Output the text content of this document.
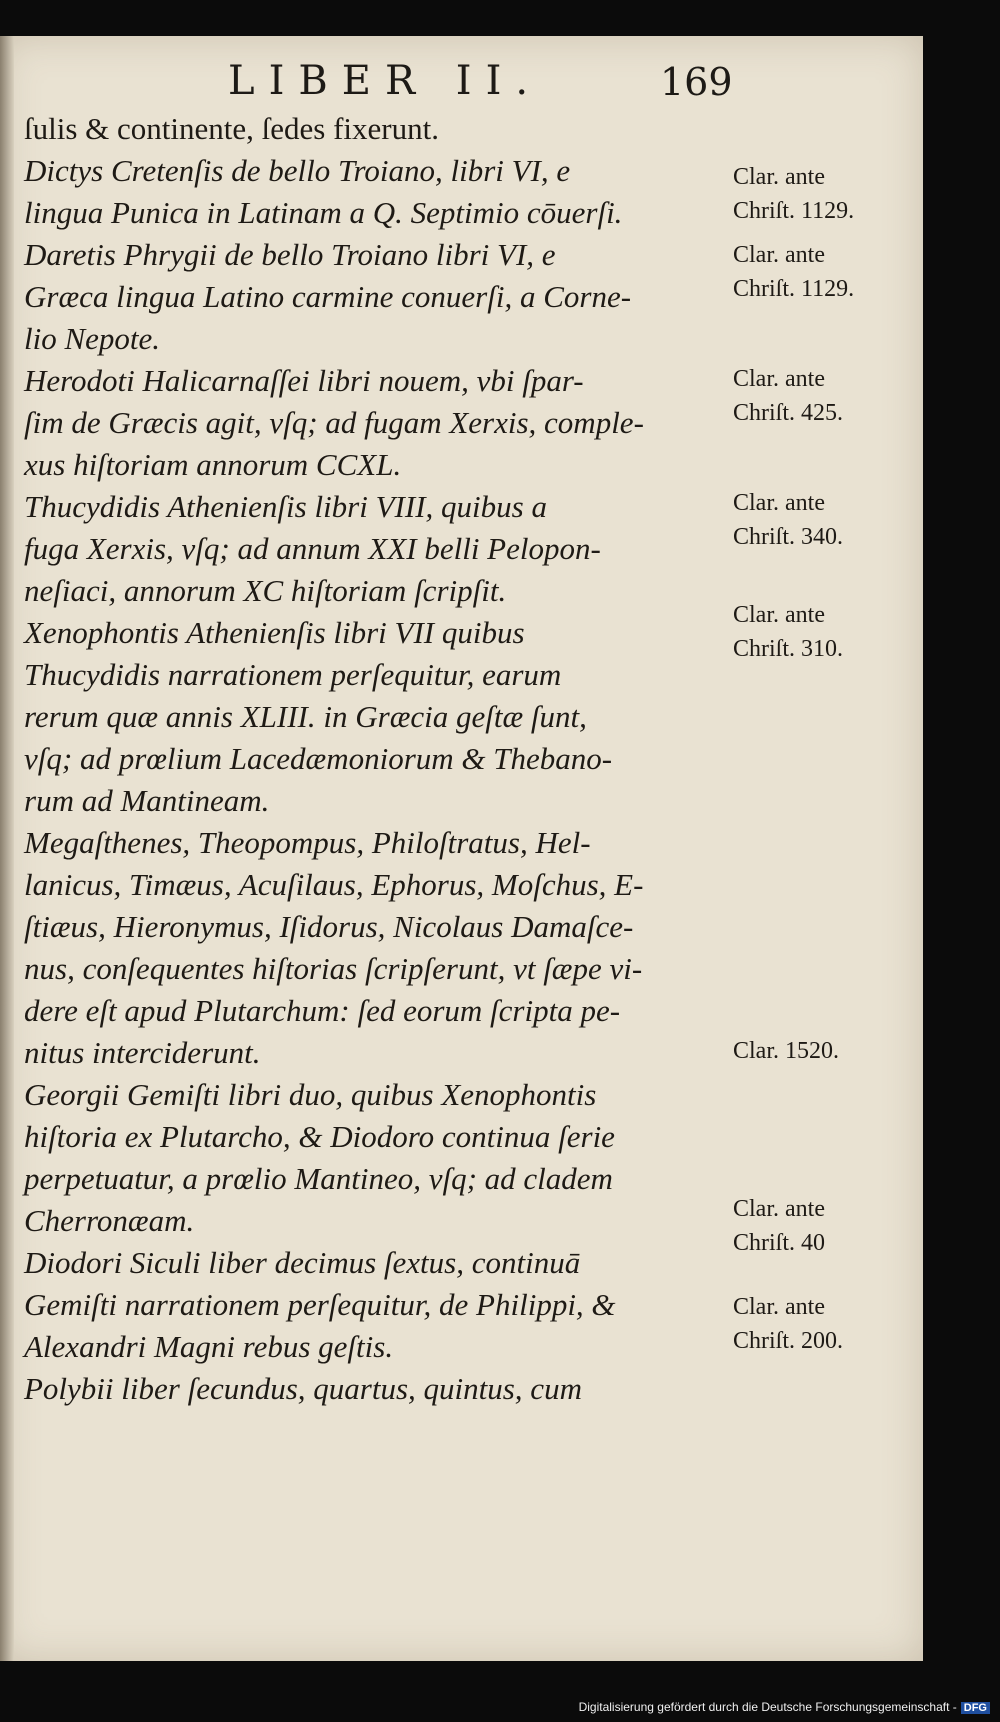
LIBER II.	169
ſulis & continente, ſedes fixerunt.
Dictys Cretenſis de bello Troiano, libri VI, e
lingua Punica in Latinam a Q. Septimio cōuerſi.
Daretis Phrygii de bello Troiano libri VI, e
Græca lingua Latino carmine conuerſi, a Corne-
lio Nepote.
Herodoti Halicarnaſſei libri nouem, vbi ſpar-
ſim de Græcis agit, vſq; ad fugam Xerxis, comple-
xus hiſtoriam annorum CCXL.
Thucydidis Athenienſis libri VIII, quibus a
fuga Xerxis, vſq; ad annum XXI belli Pelopon-
neſiaci, annorum XC hiſtoriam ſcripſit.
Xenophontis Athenienſis libri VII quibus
Thucydidis narrationem perſequitur, earum
rerum quæ annis XLIII. in Græcia geſtæ ſunt,
vſq; ad prœlium Lacedæmoniorum & Thebano-
rum ad Mantineam.
Megaſthenes, Theopompus, Philoſtratus, Hel-
lanicus, Timæus, Acuſilaus, Ephorus, Moſchus, E-
ſtiæus, Hieronymus, Iſidorus, Nicolaus Damaſce-
nus, conſequentes hiſtorias ſcripſerunt, vt ſæpe vi-
dere eſt apud Plutarchum: ſed eorum ſcripta pe-
nitus interciderunt.
Georgii Gemiſti libri duo, quibus Xenophontis
hiſtoria ex Plutarcho, & Diodoro continua ſerie
perpetuatur, a prœlio Mantineo, vſq; ad cladem
Cherronæam.
Diodori Siculi liber decimus ſextus, continuā
Gemiſti narrationem perſequitur, de Philippi, &
Alexandri Magni rebus geſtis.
Polybii liber ſecundus, quartus, quintus, cum
Digitalisierung gefördert durch die Deutsche Forschungsgemeinschaft - DFG
Clar. ante
Chriſt. 1129.
Clar. ante
Chriſt. 1129.
Clar. ante
Chriſt. 425.
Clar. ante
Chriſt. 340.
Clar. ante
Chriſt. 310.
Clar. 1520.
Clar. ante
Chriſt. 40
Clar. ante
Chriſt. 200.
